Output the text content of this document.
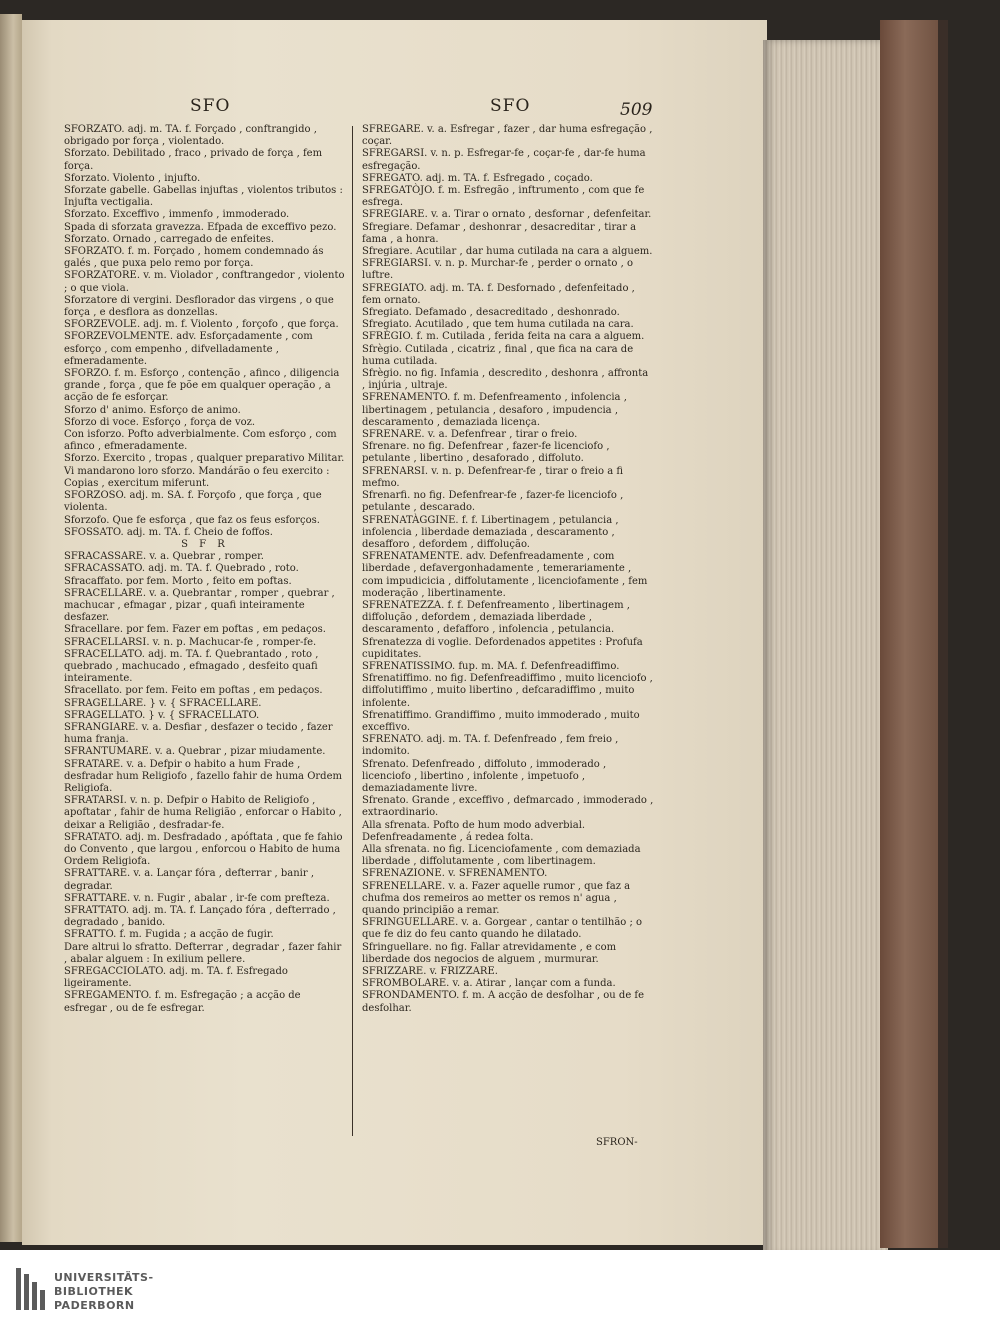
SFO	SFO	509

SFORZATO. adj. m. TA. f. Forçado , conftrangido , obrigado por força , violentado.

Sforzato. Debilitado , fraco , privado de força , fem força.

Sforzato. Violento , injufto.

Sforzate gabelle. Gabellas injuftas , violentos tributos : Injufta vectigalia.

Sforzato. Exceffivo , immenfo , immoderado.

Spada di sforzata gravezza. Efpada de exceffivo pezo.

Sforzato. Ornado , carregado de enfeites.

SFORZATO. f. m. Forçado , homem condemnado ás galés , que puxa pelo remo por força.

SFORZATORE. v. m. Violador , conftrangedor , violento ; o que viola.

Sforzatore di vergini. Desflorador das virgens , o que força , e desflora as donzellas.

SFORZEVOLE. adj. m. f. Violento , forçofo , que força.

SFORZEVOLMENTE. adv. Esforçadamente , com esforço , com empenho , difvelladamente , efmeradamente.

SFORZO. f. m. Esforço , contenção , afinco , diligencia grande , força , que fe põe em qualquer operação , a acção de fe esforçar.

Sforzo d' animo. Esforço de animo.

Sforzo di voce. Esforço , força de voz.

Con isforzo. Pofto adverbialmente. Com esforço , com afinco , efmeradamente.

Sforzo. Exercito , tropas , qualquer preparativo Militar.

Vi mandarono loro sforzo. Mandárão o feu exercito : Copias , exercitum miferunt.

SFORZOSO. adj. m. SA. f. Forçofo , que força , que violenta.

Sforzofo. Que fe esforça , que faz os feus esforços.

SFOSSATO. adj. m. TA. f. Cheio de foffos.

S F R

SFRACASSARE. v. a. Quebrar , romper.

SFRACASSATO. adj. m. TA. f. Quebrado , roto.

Sfracaffato. por fem. Morto , feito em poftas.

SFRACELLARE. v. a. Quebrantar , romper , quebrar , machucar , efmagar , pizar , quafi inteiramente desfazer.

Sfracellare. por fem. Fazer em poftas , em pedaços.

SFRACELLARSI. v. n. p. Machucar-fe , romper-fe.

SFRACELLATO. adj. m. TA. f. Quebrantado , roto , quebrado , machucado , efmagado , desfeito quafi inteiramente.

Sfracellato. por fem. Feito em poftas , em pedaços.

SFRAGELLARE. } v. { SFRACELLARE.

SFRAGELLATO. } v. { SFRACELLATO.

SFRANGIARE. v. a. Desfiar , desfazer o tecido , fazer huma franja.

SFRANTUMARE. v. a. Quebrar , pizar miudamente.

SFRATARE. v. a. Defpir o habito a hum Frade , desfradar hum Religiofo , fazello fahir de huma Ordem Religiofa.

SFRATARSI. v. n. p. Defpir o Habito de Religiofo , apoftatar , fahir de huma Religião , enforcar o Habito , deixar a Religião , desfradar-fe.

SFRATATO. adj. m. Desfradado , apóftata , que fe fahio do Convento , que largou , enforcou o Habito de huma Ordem Religiofa.

SFRATTARE. v. a. Lançar fóra , defterrar , banir , degradar.

SFRATTARE. v. n. Fugir , abalar , ir-fe com prefteza.

SFRATTATO. adj. m. TA. f. Lançado fóra , defterrado , degradado , banido.

SFRATTO. f. m. Fugida ; a acção de fugir.

Dare altrui lo sfratto. Defterrar , degradar , fazer fahir , abalar alguem : In exilium pellere.

SFREGACCIOLATO. adj. m. TA. f. Esfregado ligeiramente.

SFREGAMENTO. f. m. Esfregação ; a acção de esfregar , ou de fe esfregar.

SFREGARE. v. a. Esfregar , fazer , dar huma esfregação , coçar.

SFREGARSI. v. n. p. Esfregar-fe , coçar-fe , dar-fe huma esfregação.

SFREGATO. adj. m. TA. f. Esfregado , coçado.

SFREGATÒJO. f. m. Esfregão , inftrumento , com que fe esfrega.

SFREGIARE. v. a. Tirar o ornato , desfornar , defenfeitar.

Sfregiare. Defamar , deshonrar , desacreditar , tirar a fama , a honra.

Sfregiare. Acutilar , dar huma cutilada na cara a alguem.

SFREGIARSI. v. n. p. Murchar-fe , perder o ornato , o luftre.

SFREGIATO. adj. m. TA. f. Desfornado , defenfeitado , fem ornato.

Sfregiato. Defamado , desacreditado , deshonrado.

Sfregiato. Acutilado , que tem huma cutilada na cara.

SFRÈGIO. f. m. Cutilada , ferida feita na cara a alguem.

Sfrègio. Cutilada , cicatriz , final , que fica na cara de huma cutilada.

Sfrègio. no fig. Infamia , descredito , deshonra , affronta , injúria , ultraje.

SFRENAMENTO. f. m. Defenfreamento , infolencia , libertinagem , petulancia , desaforo , impudencia , descaramento , demaziada licença.

SFRENARE. v. a. Defenfrear , tirar o freio.

Sfrenare. no fig. Defenfrear , fazer-fe licenciofo , petulante , libertino , desaforado , diffoluto.

SFRENARSI. v. n. p. Defenfrear-fe , tirar o freio a fi mefmo.

Sfrenarfi. no fig. Defenfrear-fe , fazer-fe licenciofo , petulante , descarado.

SFRENATÀGGINE. f. f. Libertinagem , petulancia , infolencia , liberdade demaziada , descaramento , desafforo , defordem , diffolução.

SFRENATAMENTE. adv. Defenfreadamente , com liberdade , defavergonhadamente , temerariamente , com impudicicia , diffolutamente , licenciofamente , fem moderação , libertinamente.

SFRENATEZZA. f. f. Defenfreamento , libertinagem , diffolução , defordem , demaziada liberdade , descaramento , defafforo , infolencia , petulancia.

Sfrenatezza di voglie. Defordenados appetites : Profufa cupiditates.

SFRENATISSIMO. fup. m. MA. f. Defenfreadiffimo.

Sfrenatiffimo. no fig. Defenfreadiffimo , muito licenciofo , diffolutiffimo , muito libertino , defcaradiffimo , muito infolente.

Sfrenatiffimo. Grandiffimo , muito immoderado , muito exceffivo.

SFRENATO. adj. m. TA. f. Defenfreado , fem freio , indomito.

Sfrenato. Defenfreado , diffoluto , immoderado , licenciofo , libertino , infolente , impetuofo , demaziadamente livre.

Sfrenato. Grande , exceffivo , defmarcado , immoderado , extraordinario.

Alla sfrenata. Pofto de hum modo adverbial. Defenfreadamente , á redea folta.

Alla sfrenata. no fig. Licenciofamente , com demaziada liberdade , diffolutamente , com libertinagem.

SFRENAZIONE. v. SFRENAMENTO.

SFRENELLARE. v. a. Fazer aquelle rumor , que faz a chufma dos remeiros ao metter os remos n' agua , quando principião a remar.

SFRINGUELLARE. v. a. Gorgear , cantar o tentilhão ; o que fe diz do feu canto quando he dilatado.

Sfringuellare. no fig. Fallar atrevidamente , e com liberdade dos negocios de alguem , murmurar.

SFRIZZARE. v. FRIZZARE.

SFROMBOLARE. v. a. Atirar , lançar com a funda.

SFRONDAMENTO. f. m. A acção de desfolhar , ou de fe desfolhar.

SFRON-
UNIVERSITÄTS-
BIBLIOTHEK
PADERBORN
